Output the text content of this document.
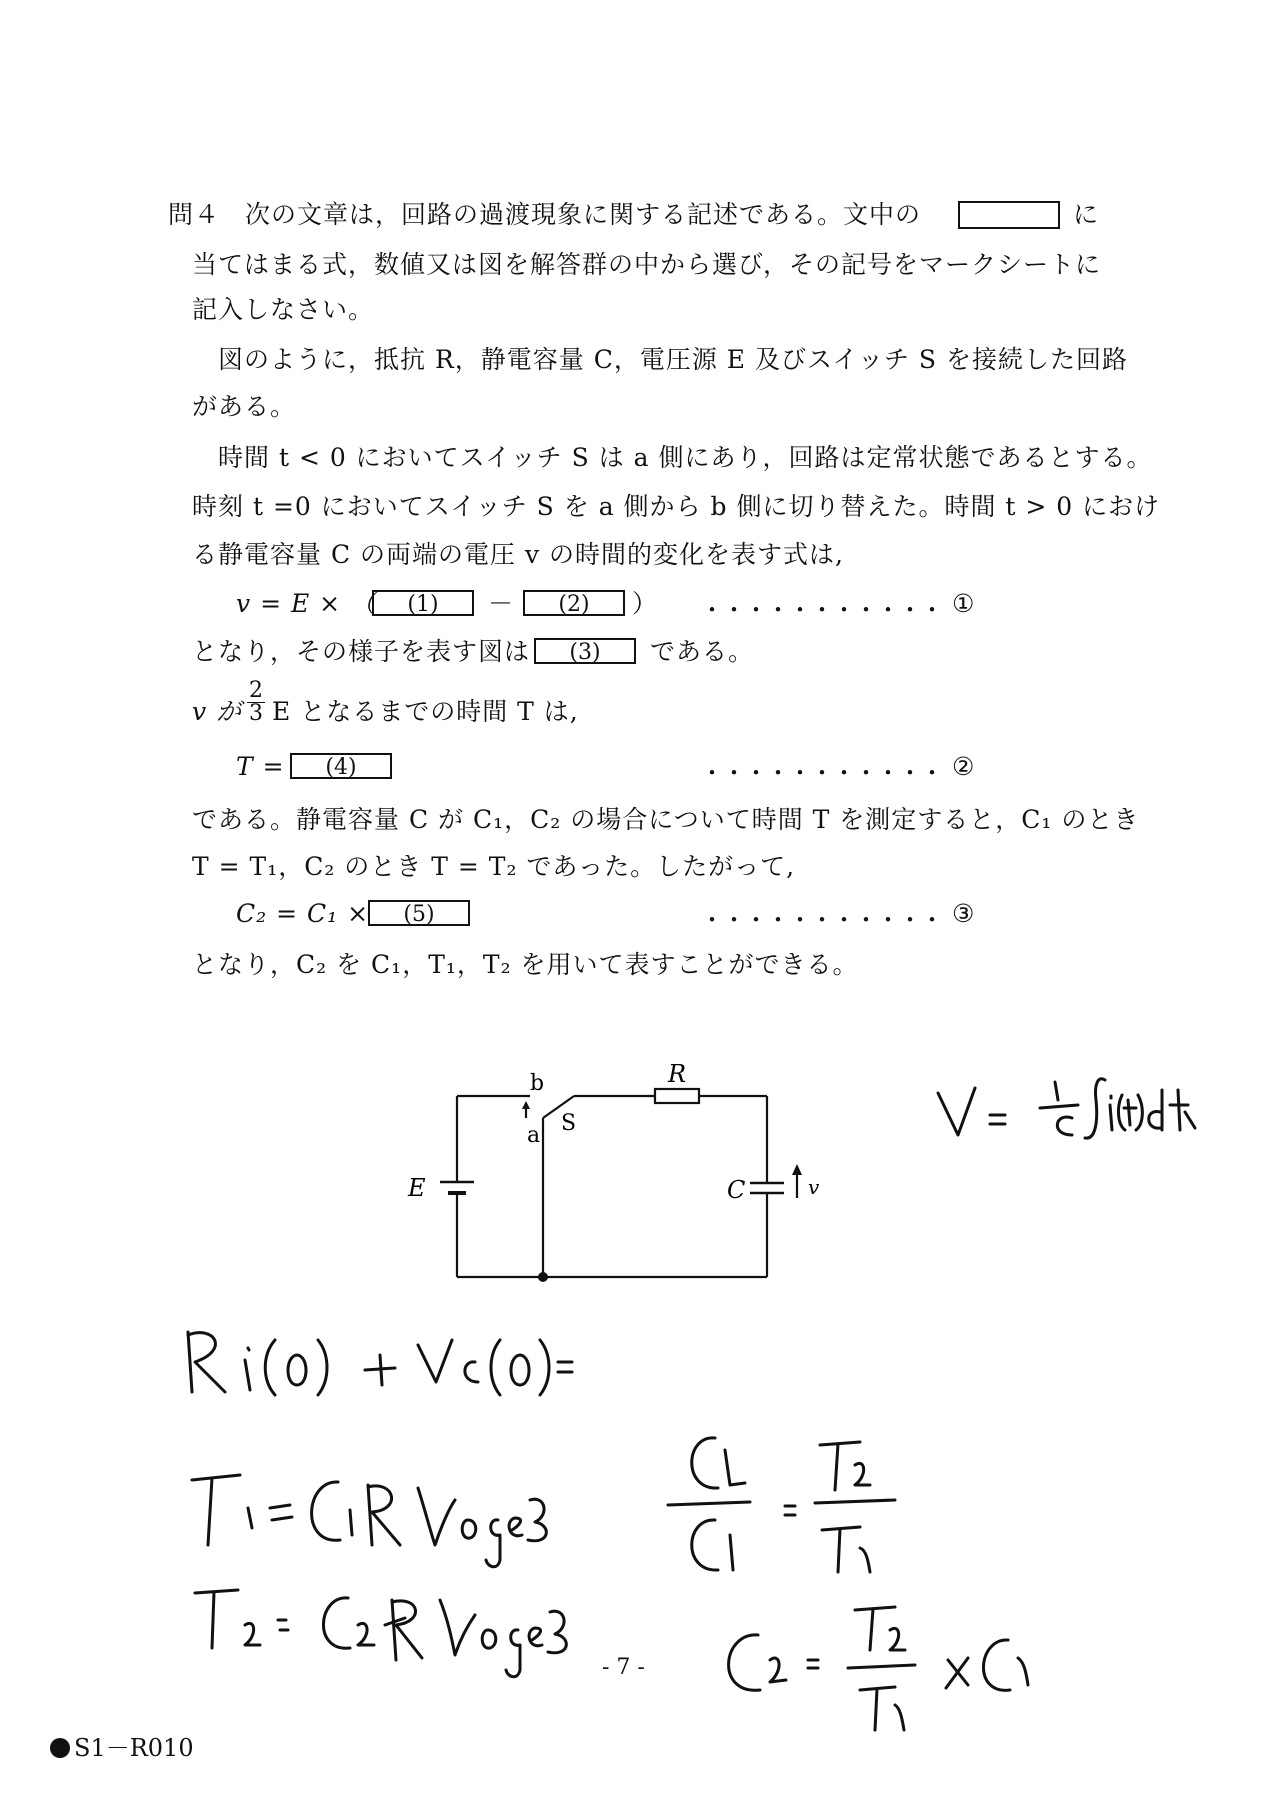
問４ 次の文章は，回路の過渡現象に関する記述である。文中の	に
当てはまる式，数値又は図を解答群の中から選び，その記号をマークシートに
記入しなさい。
図のように，抵抗 R，静電容量 C，電圧源 E 及びスイッチ S を接続した回路
がある。
時間 t < 0 においてスイッチ S は a 側にあり，回路は定常状態であるとする。
時刻 t =0 においてスイッチ S を a 側から b 側に切り替えた。時間 t > 0 におけ
る静電容量 C の両端の電圧 v の時間的変化を表す式は,
v = E × （	(1)	－	(2)	） ･･･････････ ①
となり，その様子を表す図は	(3)	である。
v が $\frac{2}{3}$ E となるまでの時間 T は,
T =	(4)	･･･････････ ②
である。静電容量 C が C₁，C₂ の場合について時間 T を測定すると，C₁ のとき
T = T₁，C₂ のとき T = T₂ であった。したがって,
C₂ = C₁ ×	(5)	･･･････････ ③
となり，C₂ を C₁，T₁，T₂ を用いて表すことができる。
b
a S
R
E	C	v
- 7 -
S1－R010
